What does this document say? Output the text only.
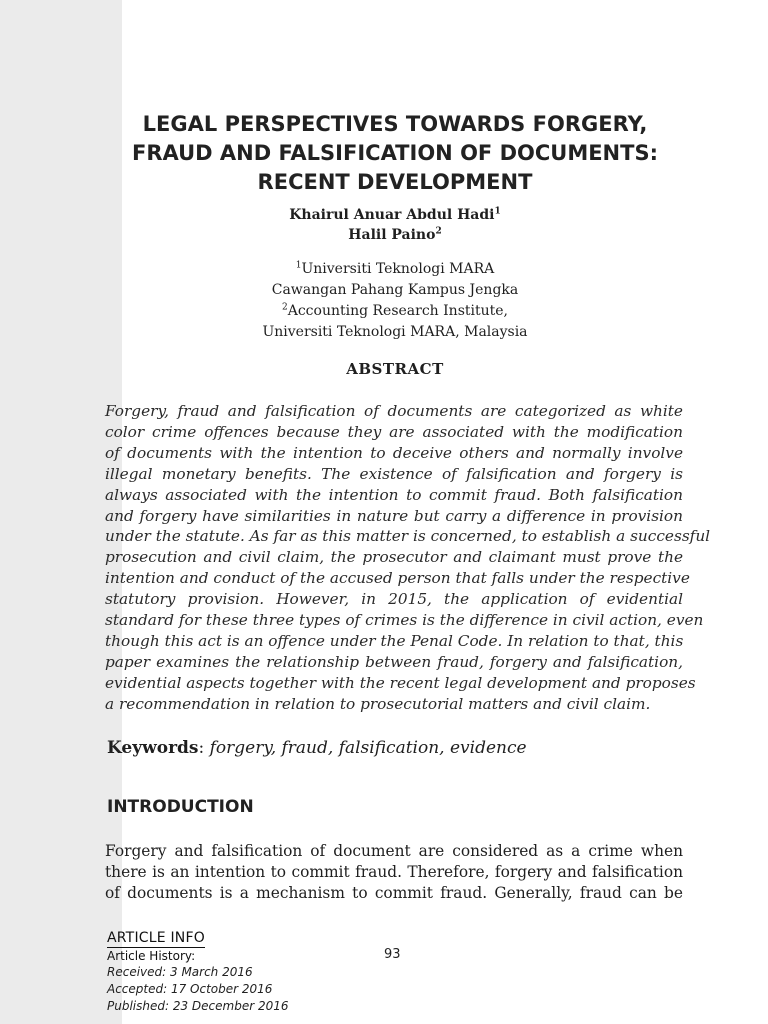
LEGAL PERSPECTIVES TOWARDS FORGERY,
FRAUD AND FALSIFICATION OF DOCUMENTS:
RECENT DEVELOPMENT
Khairul Anuar Abdul Hadi$^1$
Halil Paino$^2$
$^1$Universiti Teknologi MARA
Cawangan Pahang Kampus Jengka
$^2$Accounting Research Institute,
Universiti Teknologi MARA, Malaysia
ABSTRACT

Forgery, fraud and falsification of documents are categorized as white
color crime offences because they are associated with the modification
of documents with the intention to deceive others and normally involve
illegal monetary benefits. The existence of falsification and forgery is
always associated with the intention to commit fraud. Both falsification
and forgery have similarities in nature but carry a difference in provision
under the statute. As far as this matter is concerned, to establish a successful
prosecution and civil claim, the prosecutor and claimant must prove the
intention and conduct of the accused person that falls under the respective
statutory provision. However, in 2015, the application of evidential
standard for these three types of crimes is the difference in civil action, even
though this act is an offence under the Penal Code. In relation to that, this
paper examines the relationship between fraud, forgery and falsification,
evidential aspects together with the recent legal development and proposes
a recommendation in relation to prosecutorial matters and civil claim.

Keywords: forgery, fraud, falsification, evidence

INTRODUCTION

Forgery and falsification of document are considered as a crime when
there is an intention to commit fraud. Therefore, forgery and falsification
of documents is a mechanism to commit fraud. Generally, fraud can be

ARTICLE INFO
Article History:
Received: 3 March 2016
Accepted: 17 October 2016
Published: 23 December 2016
93
